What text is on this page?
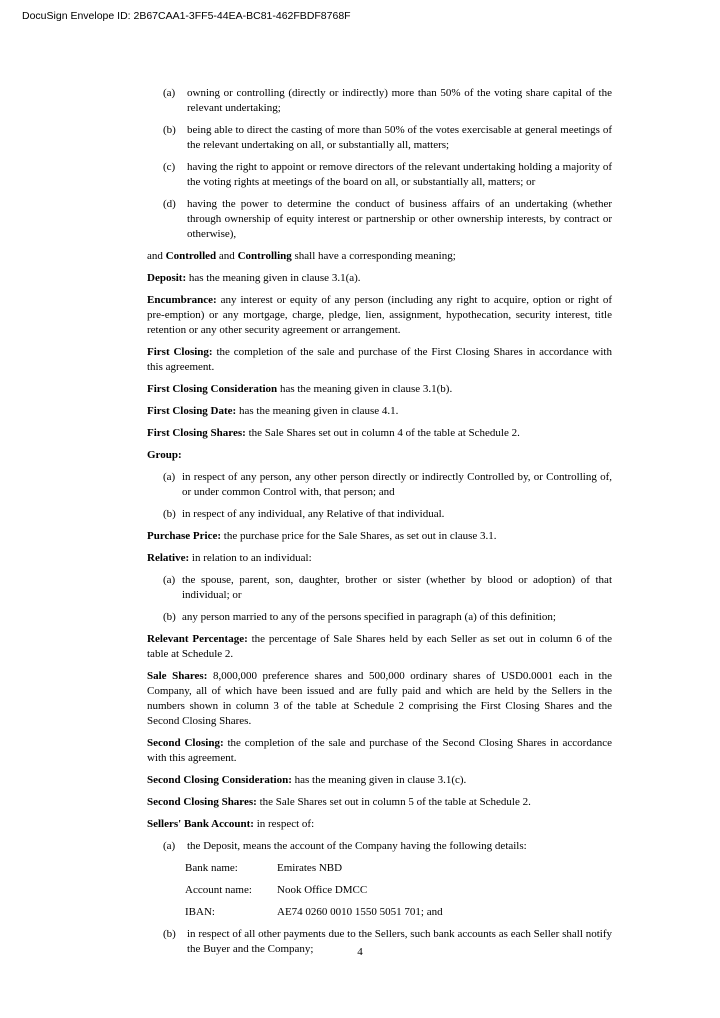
DocuSign Envelope ID: 2B67CAA1-3FF5-44EA-BC81-462FBDF8768F
(a)	owning or controlling (directly or indirectly) more than 50% of the voting share capital of the relevant undertaking;
(b)	being able to direct the casting of more than 50% of the votes exercisable at general meetings of the relevant undertaking on all, or substantially all, matters;
(c)	having the right to appoint or remove directors of the relevant undertaking holding a majority of the voting rights at meetings of the board on all, or substantially all, matters; or
(d)	having the power to determine the conduct of business affairs of an undertaking (whether through ownership of equity interest or partnership or other ownership interests, by contract or otherwise),

and Controlled and Controlling shall have a corresponding meaning;

Deposit: has the meaning given in clause 3.1(a).

Encumbrance: any interest or equity of any person (including any right to acquire, option or right of pre-emption) or any mortgage, charge, pledge, lien, assignment, hypothecation, security interest, title retention or any other security agreement or arrangement.

First Closing: the completion of the sale and purchase of the First Closing Shares in accordance with this agreement.

First Closing Consideration has the meaning given in clause 3.1(b).

First Closing Date: has the meaning given in clause 4.1.

First Closing Shares: the Sale Shares set out in column 4 of the table at Schedule 2.

Group:

(a) in respect of any person, any other person directly or indirectly Controlled by, or Controlling of, or under common Control with, that person; and
(b) in respect of any individual, any Relative of that individual.

Purchase Price: the purchase price for the Sale Shares, as set out in clause 3.1.

Relative: in relation to an individual:

(a) the spouse, parent, son, daughter, brother or sister (whether by blood or adoption) of that individual; or
(b) any person married to any of the persons specified in paragraph (a) of this definition;

Relevant Percentage: the percentage of Sale Shares held by each Seller as set out in column 6 of the table at Schedule 2.

Sale Shares: 8,000,000 preference shares and 500,000 ordinary shares of USD0.0001 each in the Company, all of which have been issued and are fully paid and which are held by the Sellers in the numbers shown in column 3 of the table at Schedule 2 comprising the First Closing Shares and the Second Closing Shares.

Second Closing: the completion of the sale and purchase of the Second Closing Shares in accordance with this agreement.

Second Closing Consideration: has the meaning given in clause 3.1(c).

Second Closing Shares: the Sale Shares set out in column 5 of the table at Schedule 2.

Sellers' Bank Account: in respect of:

(a)	the Deposit, means the account of the Company having the following details:
Bank name:	Emirates NBD
Account name:	Nook Office DMCC
IBAN:	AE74 0260 0010 1550 5051 701; and
(b)	in respect of all other payments due to the Sellers, such bank accounts as each Seller shall notify the Buyer and the Company;	4
